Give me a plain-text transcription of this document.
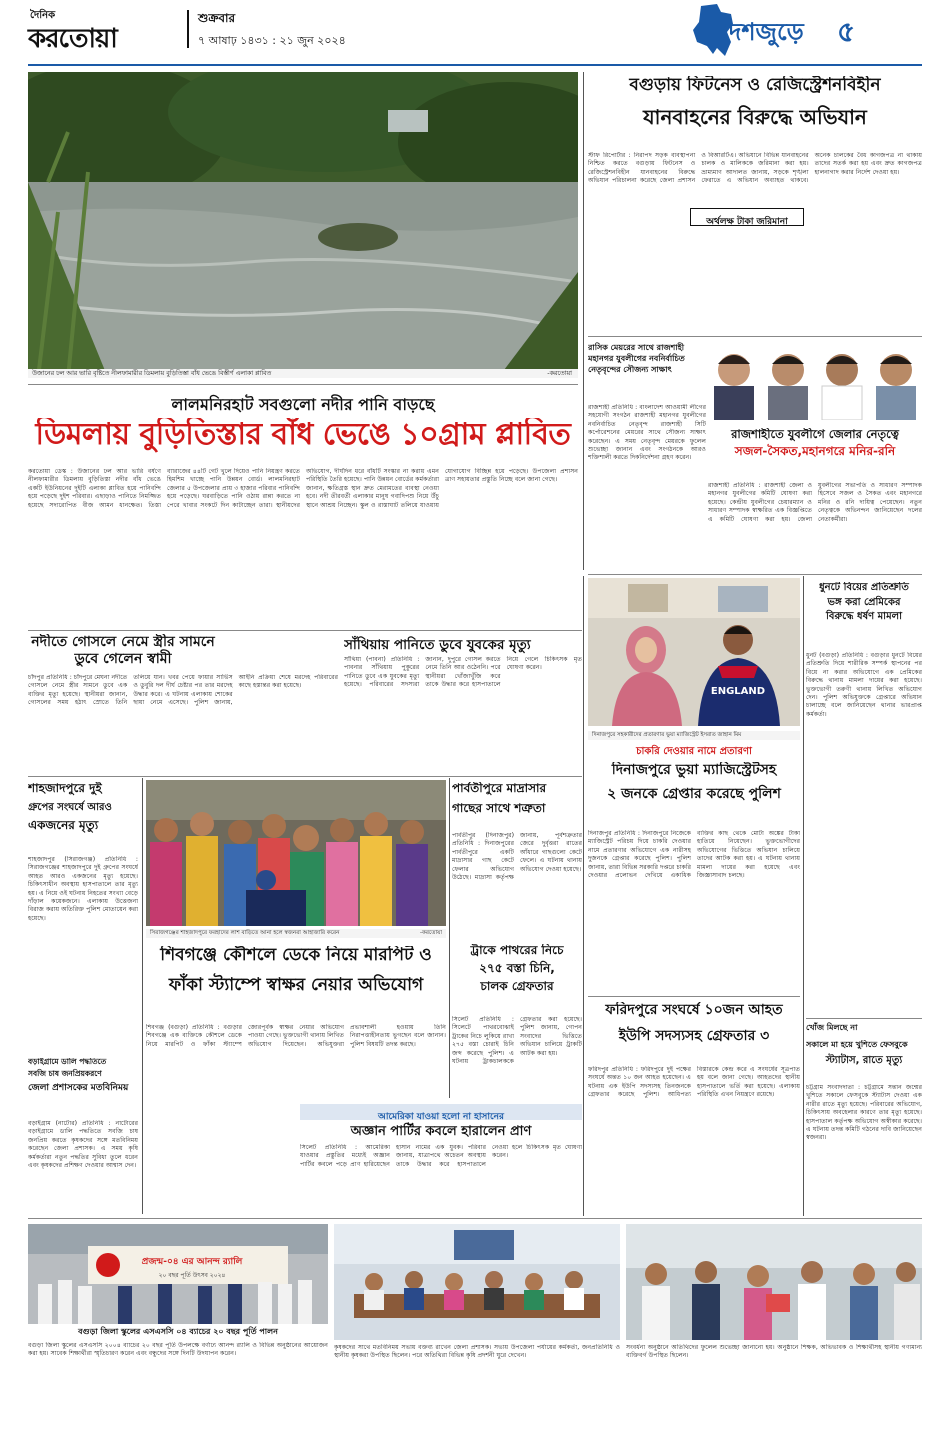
দৈনিক
করতোয়া
শুক্রবার
৭ আষাঢ় ১৪৩১ : ২১ জুন ২০২৪	দেশজুড়ে ৫
উজানের ঢল আর ভারি বৃষ্টিতে নীলফামারীর ডিমলায় বুড়িতিস্তা বাঁধ ভেঙে বিস্তীর্ণ এলাকা প্লাবিত	-করতোয়া
লালমনিরহাট সবগুলো নদীর পানি বাড়ছে
ডিমলায় বুড়িতিস্তার বাঁধ ভেঙে ১০গ্রাম প্লাবিত
করতোয়া ডেস্ক : উজানের ঢল আর ভারি বর্ষণে নীলফামারীর ডিমলায় বুড়িতিস্তা নদীর বাঁধ ভেঙে একটি ইউনিয়নের দুইটি এলাকা প্লাবিত হয়ে পানিবন্দি হয়ে পড়েছে দুইশ পরিবার। এছাড়াও পানিতে নিমজ্জিত হয়েছে সদ্যরোপিত বীজ আমন ধানক্ষেত। তিস্তা ব্যারাজের ৪৪টি গেট খুলে দিয়েও পানি নিয়ন্ত্রণ করতে হিমশিম খাচ্ছে পানি উন্নয়ন বোর্ড। লালমনিরহাট জেলার ৫ উপজেলার প্রায় ৩ হাজার পরিবার পানিবন্দি হয়ে পড়েছে। ঘরবাড়িতে পানি ওঠায় রান্না করতে না পেরে খাবার সংকটে দিন কাটাচ্ছেন তারা। স্থানীয়দের অভিযোগ, দীর্ঘদিন ধরে বাঁধটি সংস্কার না করায় এমন পরিস্থিতি তৈরি হয়েছে। পানি উন্নয়ন বোর্ডের কর্মকর্তারা জানান, ক্ষতিগ্রস্ত স্থান দ্রুত মেরামতের ব্যবস্থা নেওয়া হবে। নদী তীরবর্তী এলাকার মানুষ গবাদিপশু নিয়ে উঁচু স্থানে আশ্রয় নিচ্ছেন। স্কুল ও রাস্তাঘাট তলিয়ে যাওয়ায় যোগাযোগ বিচ্ছিন্ন হয়ে পড়েছে। উপজেলা প্রশাসন ত্রাণ সহায়তার প্রস্তুতি নিচ্ছে বলে জানা গেছে।
বগুড়ায় ফিটনেস ও রেজিস্ট্রেশনবিহীন
যানবাহনের বিরুদ্ধে অভিযান
স্টাফ রিপোর্টার : নিরাপদ সড়ক ব্যবস্থাপনা নিশ্চিত করতে বগুড়ায় ফিটনেস ও রেজিস্ট্রেশনবিহীন যানবাহনের বিরুদ্ধে অভিযান পরিচালনা করেছে জেলা প্রশাসন ও বিআরটিএ। অভিযানে বিভিন্ন যানবাহনের চালক ও মালিককে জরিমানা করা হয়। ভ্রাম্যমাণ আদালত জানায়, সড়কে শৃঙ্খলা ফেরাতে এ অভিযান অব্যাহত থাকবে। অনেক চালকের বৈধ কাগজপত্র না থাকায় তাদের সতর্ক করা হয় এবং দ্রুত কাগজপত্র হালনাগাদ করার নির্দেশ দেওয়া হয়।
অর্থলক্ষ টাকা জরিমানা
রাসিক মেয়রের সাথে রাজশাহী মহানগর যুবলীগের নবনির্বাচিত নেতৃবৃন্দের সৌজন্য সাক্ষাৎ
রাজশাহী প্রতিনিধি : বাংলাদেশ আওয়ামী লীগের সহযোগী সংগঠন রাজশাহী মহানগর যুবলীগের নবনির্বাচিত নেতৃবৃন্দ রাজশাহী সিটি কর্পোরেশনের মেয়রের সাথে সৌজন্য সাক্ষাৎ করেছেন। এ সময় নেতৃবৃন্দ মেয়রকে ফুলেল শুভেচ্ছা জানান এবং সংগঠনকে আরও শক্তিশালী করতে দিকনির্দেশনা গ্রহণ করেন।
রাজশাহীতে যুবলীগে জেলার নেতৃত্বে
সজল-সৈকত,মহানগরে মনির-রনি
রাজশাহী প্রতিনিধি : রাজশাহী জেলা ও মহানগর যুবলীগের কমিটি ঘোষণা করা হয়েছে। কেন্দ্রীয় যুবলীগের চেয়ারম্যান ও সাধারণ সম্পাদক স্বাক্ষরিত এক বিজ্ঞপ্তিতে এ কমিটি ঘোষণা করা হয়। জেলা যুবলীগের সভাপতি ও সাধারণ সম্পাদক হিসেবে সজল ও সৈকত এবং মহানগরে মনির ও রনি দায়িত্ব পেয়েছেন। নতুন নেতৃত্বকে অভিনন্দন জানিয়েছেন দলের নেতাকর্মীরা।
নদীতে গোসলে নেমে স্ত্রীর সামনে ডুবে গেলেন স্বামী
চাঁদপুর প্রতিনিধি : চাঁদপুরে মেঘনা নদীতে গোসলে নেমে স্ত্রীর সামনে ডুবে এক ব্যক্তির মৃত্যু হয়েছে। স্থানীয়রা জানান, গোসলের সময় হঠাৎ স্রোতে তিনি তলিয়ে যান। খবর পেয়ে ফায়ার সার্ভিস ও ডুবুরি দল দীর্ঘ চেষ্টার পর তার মরদেহ উদ্ধার করে। এ ঘটনায় এলাকায় শোকের ছায়া নেমে এসেছে। পুলিশ জানায়, আইনি প্রক্রিয়া শেষে মরদেহ পরিবারের কাছে হস্তান্তর করা হয়েছে।
সাঁথিয়ায় পানিতে ডুবে যুবকের মৃত্যু
সাঁথিয়া (পাবনা) প্রতিনিধি : পাবনার সাঁথিয়ায় পুকুরের পানিতে ডুবে এক যুবকের মৃত্যু হয়েছে। পরিবারের সদস্যরা জানান, দুপুরে গোসল করতে নেমে তিনি আর ওঠেননি। পরে স্থানীয়রা খোঁজাখুঁজি করে তাকে উদ্ধার করে হাসপাতালে নিয়ে গেলে চিকিৎসক মৃত ঘোষণা করেন।
ENGLAND
দিনাজপুরে সহকারীদের প্রতারণার ভুয়া ম্যাজিস্ট্রেট ইসরাত জাহান মিম
চাকরি দেওয়ার নামে প্রতারণা
দিনাজপুরে ভুয়া ম্যাজিস্ট্রেটসহ
২ জনকে গ্রেপ্তার করেছে পুলিশ
দিনাজপুর প্রতিনিধি : দিনাজপুরে নিজেকে ম্যাজিস্ট্রেট পরিচয় দিয়ে চাকরি দেওয়ার নামে প্রতারণার অভিযোগে এক নারীসহ দুজনকে গ্রেপ্তার করেছে পুলিশ। পুলিশ জানায়, তারা বিভিন্ন সরকারি দপ্তরে চাকরি দেওয়ার প্রলোভন দেখিয়ে একাধিক ব্যক্তির কাছ থেকে মোটা অঙ্কের টাকা হাতিয়ে নিয়েছেন। ভুক্তভোগীদের অভিযোগের ভিত্তিতে অভিযান চালিয়ে তাদের আটক করা হয়। এ ঘটনায় থানায় মামলা দায়ের করা হয়েছে এবং জিজ্ঞাসাবাদ চলছে।
ধুনটে বিয়ের প্রতিশ্রুতি
ভঙ্গ করা প্রেমিকের
বিরুদ্ধে ধর্ষণ মামলা
ধুনট (বগুড়া) প্রতিনিধি : বগুড়ার ধুনটে বিয়ের প্রতিশ্রুতি দিয়ে শারীরিক সম্পর্ক স্থাপনের পর বিয়ে না করার অভিযোগে এক প্রেমিকের বিরুদ্ধে থানায় মামলা দায়ের করা হয়েছে। ভুক্তভোগী তরুণী থানায় লিখিত অভিযোগ দেন। পুলিশ অভিযুক্তকে গ্রেপ্তারে অভিযান চালাচ্ছে বলে জানিয়েছেন থানার ভারপ্রাপ্ত কর্মকর্তা।
খোঁজ মিলছে না
সকালে মা হয়ে খুশিতে ফেসবুকে
স্ট্যাটাস, রাতে মৃত্যু
চট্টগ্রাম সংবাদদাতা : চট্টগ্রামে সন্তান জন্মের খুশিতে সকালে ফেসবুকে স্ট্যাটাস দেওয়া এক নারীর রাতে মৃত্যু হয়েছে। পরিবারের অভিযোগ, চিকিৎসায় অবহেলার কারণে তার মৃত্যু হয়েছে। হাসপাতাল কর্তৃপক্ষ অভিযোগ অস্বীকার করেছে। এ ঘটনায় তদন্ত কমিটি গঠনের দাবি জানিয়েছেন স্বজনরা।
শাহজাদপুরে দুই
গ্রুপের সংঘর্ষে আরও
একজনের মৃত্যু
শাহজাদপুর (সিরাজগঞ্জ) প্রতিনিধি : সিরাজগঞ্জের শাহজাদপুরে দুই গ্রুপের সংঘর্ষে আহত আরও একজনের মৃত্যু হয়েছে। চিকিৎসাধীন অবস্থায় হাসপাতালে তার মৃত্যু হয়। এ নিয়ে ওই ঘটনায় নিহতের সংখ্যা বেড়ে দাঁড়াল কয়েকজনে। এলাকায় উত্তেজনা বিরাজ করায় অতিরিক্ত পুলিশ মোতায়েন করা হয়েছে।
সিরাজগঞ্জের শাহজাদপুরে ফরহাদের লাশ বাড়িতে আনা হলে স্বজনরা আহাজারি করেন	-করতোয়া
পার্বতীপুরে মাদ্রাসার
গাছের সাথে শত্রুতা
পার্বতীপুর (দিনাজপুর) প্রতিনিধি : দিনাজপুরের পার্বতীপুরে একটি মাদ্রাসার গাছ কেটে ফেলার অভিযোগ উঠেছে। মাদ্রাসা কর্তৃপক্ষ জানায়, পূর্বশত্রুতার জেরে দুর্বৃত্তরা রাতের আঁধারে গাছগুলো কেটে ফেলে। এ ঘটনায় থানায় অভিযোগ দেওয়া হয়েছে।
শিবগঞ্জে কৌশলে ডেকে নিয়ে মারপিট ও
ফাঁকা স্ট্যাম্পে স্বাক্ষর নেয়ার অভিযোগ
শিবগঞ্জ (বগুড়া) প্রতিনিধি : বগুড়ার শিবগঞ্জে এক ব্যক্তিকে কৌশলে ডেকে নিয়ে মারপিট ও ফাঁকা স্ট্যাম্পে জোরপূর্বক স্বাক্ষর নেয়ার অভিযোগ পাওয়া গেছে। ভুক্তভোগী থানায় লিখিত অভিযোগ দিয়েছেন। অভিযুক্তরা প্রভাবশালী হওয়ায় তিনি নিরাপত্তাহীনতায় ভুগছেন বলে জানান। পুলিশ বিষয়টি তদন্ত করছে।
ট্রাকে পাথরের নিচে
২৭৫ বস্তা চিনি,
চালক গ্রেফতার
সিলেট প্রতিনিধি : সিলেটে পাথরবোঝাই ট্রাকের নিচে লুকিয়ে রাখা ২৭৫ বস্তা চোরাই চিনি জব্দ করেছে পুলিশ। এ ঘটনায় ট্রাকচালককে গ্রেফতার করা হয়েছে। পুলিশ জানায়, গোপন সংবাদের ভিত্তিতে অভিযান চালিয়ে ট্রাকটি আটক করা হয়।
আমেরিকা যাওয়া হলো না হাসানের
অজ্ঞান পার্টির কবলে হারালেন প্রাণ
সিলেট প্রতিনিধি : আমেরিকা যাওয়ার প্রস্তুতির মধ্যেই অজ্ঞান পার্টির কবলে পড়ে প্রাণ হারিয়েছেন হাসান নামের এক যুবক। পরিবার জানায়, যাত্রাপথে অচেতন অবস্থায় তাকে উদ্ধার করে হাসপাতালে নেওয়া হলে চিকিৎসক মৃত ঘোষণা করেন।
ফরিদপুরে সংঘর্ষে ১০জন আহত
ইউপি সদস্যসহ গ্রেফতার ৩
ফরিদপুর প্রতিনিধি : ফরিদপুরে দুই পক্ষের সংঘর্ষে অন্তত ১০ জন আহত হয়েছেন। এ ঘটনায় এক ইউপি সদস্যসহ তিনজনকে গ্রেফতার করেছে পুলিশ। আধিপত্য বিস্তারকে কেন্দ্র করে এ সংঘর্ষের সূত্রপাত হয় বলে জানা গেছে। আহতদের স্থানীয় হাসপাতালে ভর্তি করা হয়েছে। এলাকায় পরিস্থিতি এখন নিয়ন্ত্রণে রয়েছে।
বড়াইগ্রামে ডালি পদ্ধতিতে
সবজি চাষ জনপ্রিয়করণে
জেলা প্রশাসকের মতবিনিময়
বড়াইগ্রাম (নাটোর) প্রতিনিধি : নাটোরের বড়াইগ্রামে ডালি পদ্ধতিতে সবজি চাষ জনপ্রিয় করতে কৃষকদের সঙ্গে মতবিনিময় করেছেন জেলা প্রশাসক। এ সময় কৃষি কর্মকর্তারা নতুন পদ্ধতির সুবিধা তুলে ধরেন এবং কৃষকদের প্রশিক্ষণ দেওয়ার আশ্বাস দেন।
প্রজন্ম-০৪ এর আনন্দ র‍্যালি
২০ বছর পূর্তি উৎসব ২০২৪
বগুড়া জিলা স্কুলের এসএসসি ০৪ ব্যাচের ২০ বছর পূর্তি পালন
বগুড়া জিলা স্কুলের এসএসসি ২০০৪ ব্যাচের ২০ বছর পূর্তি উপলক্ষে বর্ণাঢ্য আনন্দ র‍্যালি ও বিভিন্ন অনুষ্ঠানের আয়োজন করা হয়। সাবেক শিক্ষার্থীরা স্মৃতিচারণ করেন এবং বন্ধুদের সঙ্গে দিনটি উদযাপন করেন।
কৃষকদের সাথে মতবিনিময় সভায় বক্তব্য রাখেন জেলা প্রশাসক। সভায় উপজেলা পর্যায়ের কর্মকর্তা, জনপ্রতিনিধি ও স্থানীয় কৃষকরা উপস্থিত ছিলেন। পরে অতিথিরা বিভিন্ন কৃষি প্রদর্শনী ঘুরে দেখেন।
সংবর্ধনা অনুষ্ঠানে অতিথিদের ফুলেল শুভেচ্ছা জানানো হয়। অনুষ্ঠানে শিক্ষক, অভিভাবক ও শিক্ষার্থীসহ স্থানীয় গণ্যমান্য ব্যক্তিবর্গ উপস্থিত ছিলেন।
